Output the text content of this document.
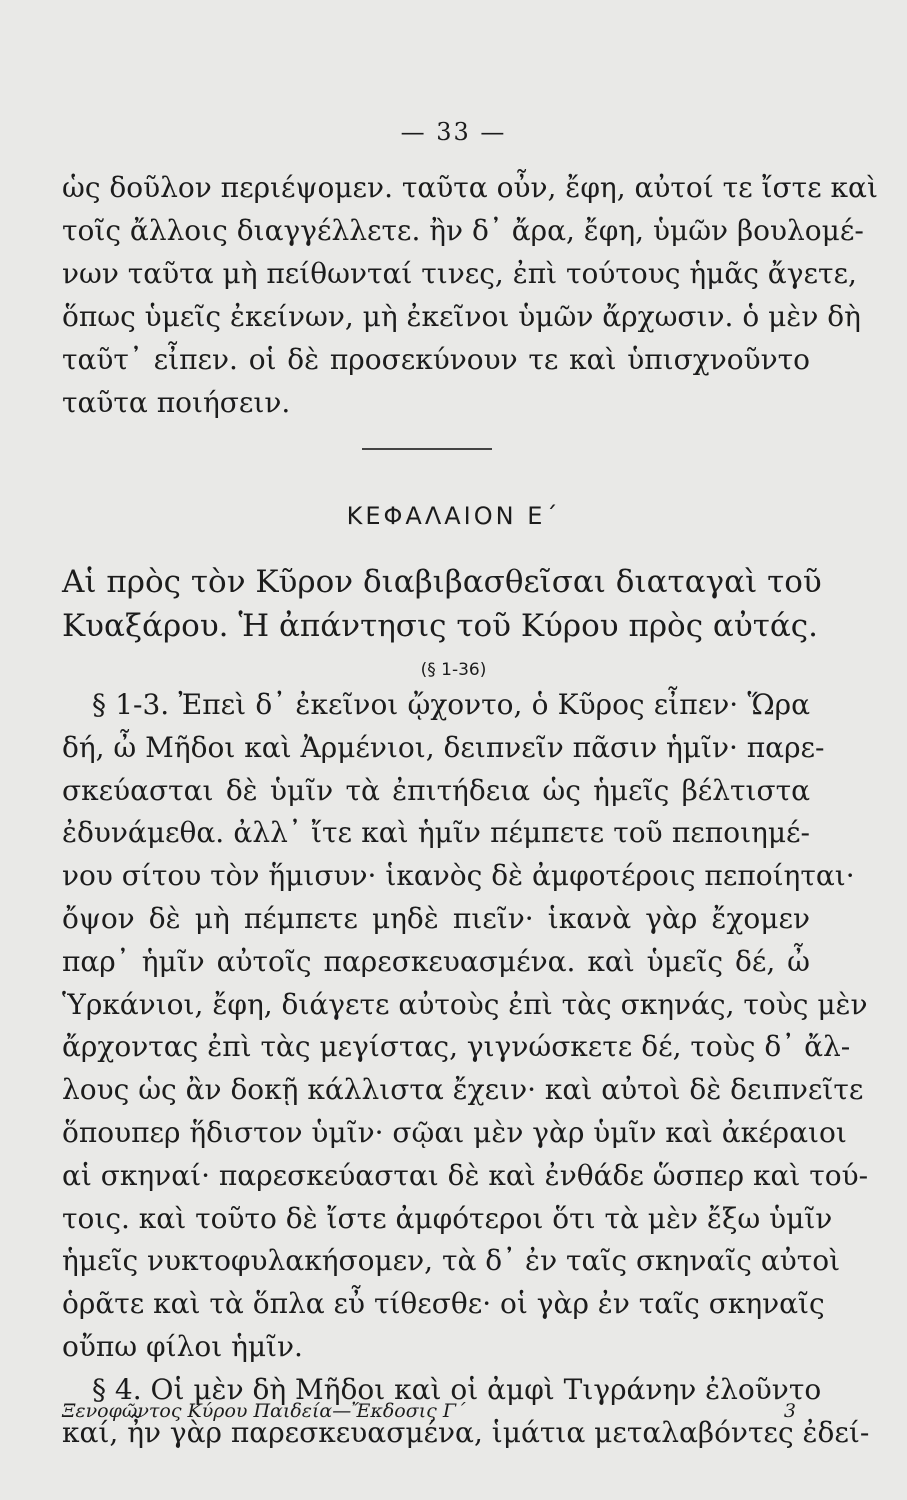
— 33 —
ὡς δοῦλον περιέψομεν. ταῦτα οὖν, ἔφη, αὐτοί τε ἴστε καὶ
τοῖς ἄλλοις διαγγέλλετε. ἢν δ᾽ ἄρα, ἔφη, ὑμῶν βουλομέ-
νων ταῦτα μὴ πείθωνταί τινες, ἐπὶ τούτους ἡμᾶς ἄγετε,
ὅπως ὑμεῖς ἐκείνων, μὴ ἐκεῖνοι ὑμῶν ἄρχωσιν. ὁ μὲν δὴ
ταῦτ᾽ εἶπεν. οἱ δὲ προσεκύνουν τε καὶ ὑπισχνοῦντο
ταῦτα ποιήσειν.
ΚΕΦΑΛΑΙΟΝ Ε΄
Αἱ πρὸς τὸν Κῦρον διαβιβασθεῖσαι διαταγαὶ τοῦ
Κυαξάρου. Ἡ ἀπάντησις τοῦ Κύρου πρὸς αὐτάς.
(§ 1-36)
§ 1-3. Ἐπεὶ δ᾽ ἐκεῖνοι ᾤχοντο, ὁ Κῦρος εἶπεν· Ὥρα
δή, ὦ Μῆδοι καὶ Ἀρμένιοι, δειπνεῖν πᾶσιν ἡμῖν· παρε-
σκεύασται δὲ ὑμῖν τὰ ἐπιτήδεια ὡς ἡμεῖς βέλτιστα
ἐδυνάμεθα. ἀλλ᾽ ἴτε καὶ ἡμῖν πέμπετε τοῦ πεποιημέ-
νου σίτου τὸν ἥμισυν· ἱκανὸς δὲ ἀμφοτέροις πεποίηται·
ὄψον δὲ μὴ πέμπετε μηδὲ πιεῖν· ἱκανὰ γὰρ ἔχομεν
παρ᾽ ἡμῖν αὐτοῖς παρεσκευασμένα. καὶ ὑμεῖς δέ, ὦ
Ὑρκάνιοι, ἔφη, διάγετε αὐτοὺς ἐπὶ τὰς σκηνάς, τοὺς μὲν
ἄρχοντας ἐπὶ τὰς μεγίστας, γιγνώσκετε δέ, τοὺς δ᾽ ἄλ-
λους ὡς ἂν δοκῇ κάλλιστα ἔχειν· καὶ αὐτοὶ δὲ δειπνεῖτε
ὅπουπερ ἥδιστον ὑμῖν· σῷαι μὲν γὰρ ὑμῖν καὶ ἀκέραιοι
αἱ σκηναί· παρεσκεύασται δὲ καὶ ἐνθάδε ὥσπερ καὶ τού-
τοις. καὶ τοῦτο δὲ ἴστε ἀμφότεροι ὅτι τὰ μὲν ἔξω ὑμῖν
ἡμεῖς νυκτοφυλακήσομεν, τὰ δ᾽ ἐν ταῖς σκηναῖς αὐτοὶ
ὁρᾶτε καὶ τὰ ὅπλα εὖ τίθεσθε· οἱ γὰρ ἐν ταῖς σκηναῖς
οὔπω φίλοι ἡμῖν.
§ 4. Οἱ μὲν δὴ Μῆδοι καὶ οἱ ἀμφὶ Τιγράνην ἐλοῦντο
καί, ἦν γὰρ παρεσκευασμένα, ἱμάτια μεταλαβόντες ἐδεί-
Ξενοφῶντος Κύρου Παιδεία—Ἔκδοσις Γ΄	3
